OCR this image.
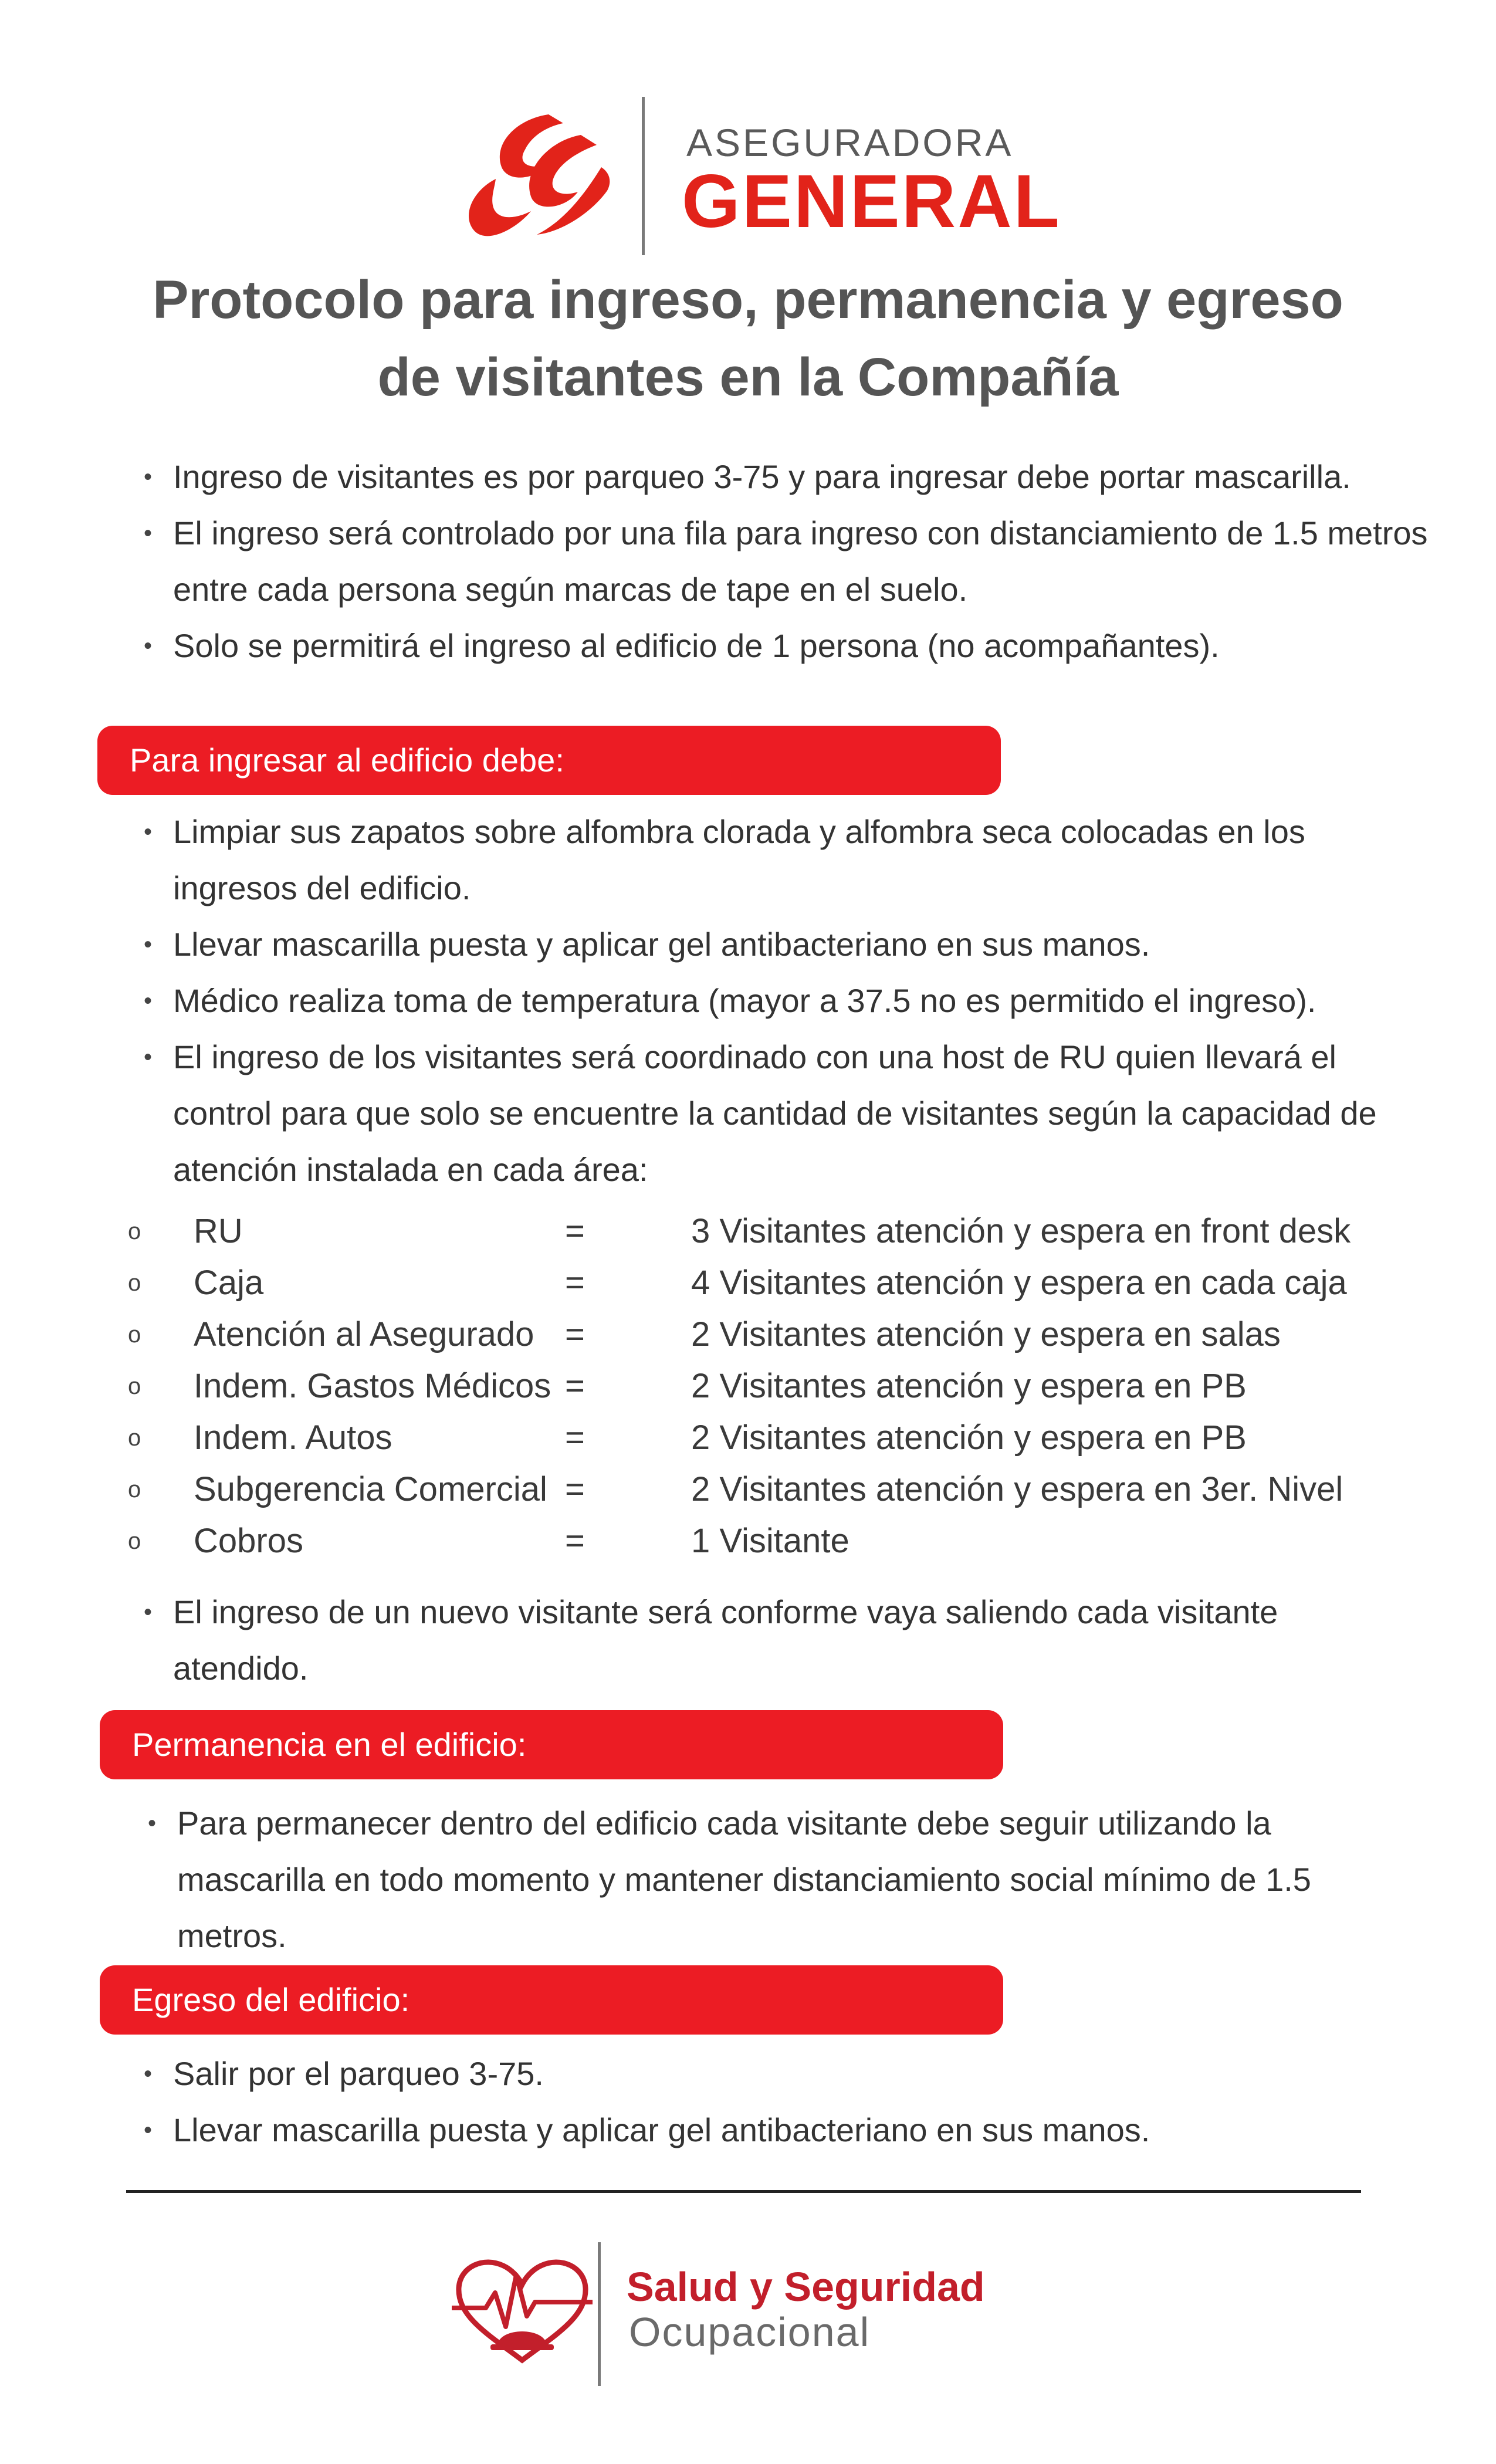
ASEGURADORA
GENERAL
Protocolo para ingreso, permanencia y egreso
de visitantes en la Compañía
• Ingreso de visitantes es por parqueo 3-75 y para ingresar debe portar mascarilla.
• El ingreso será controlado por una fila para ingreso con distanciamiento de 1.5 metros entre cada persona según marcas de tape en el suelo.
• Solo se permitirá el ingreso al edificio de 1 persona (no acompañantes).
Para ingresar al edificio debe:
• Limpiar sus zapatos sobre alfombra clorada y alfombra seca colocadas en los ingresos del edificio.
• Llevar mascarilla puesta y aplicar gel antibacteriano en sus manos.
• Médico realiza toma de temperatura (mayor a 37.5 no es permitido el ingreso).
• El ingreso de los visitantes será coordinado con una host de RU quien llevará el control para que solo se encuentre la cantidad de visitantes según la capacidad de atención instalada en cada área:
o RU	=	3 Visitantes atención y espera en front desk
o Caja	=	4 Visitantes atención y espera en cada caja
o Atención al Asegurado =	2 Visitantes atención y espera en salas
o Indem. Gastos Médicos =	2 Visitantes atención y espera en PB
o Indem. Autos	=	2 Visitantes atención y espera en PB
o Subgerencia Comercial =	2 Visitantes atención y espera en 3er. Nivel
o Cobros	=	1 Visitante
• El ingreso de un nuevo visitante será conforme vaya saliendo cada visitante atendido.
Permanencia en el edificio:
• Para permanecer dentro del edificio cada visitante debe seguir utilizando la mascarilla en todo momento y mantener distanciamiento social mínimo de 1.5 metros.
Egreso del edificio:
• Salir por el parqueo 3-75.
• Llevar mascarilla puesta y aplicar gel antibacteriano en sus manos.
Salud y Seguridad
Ocupacional
